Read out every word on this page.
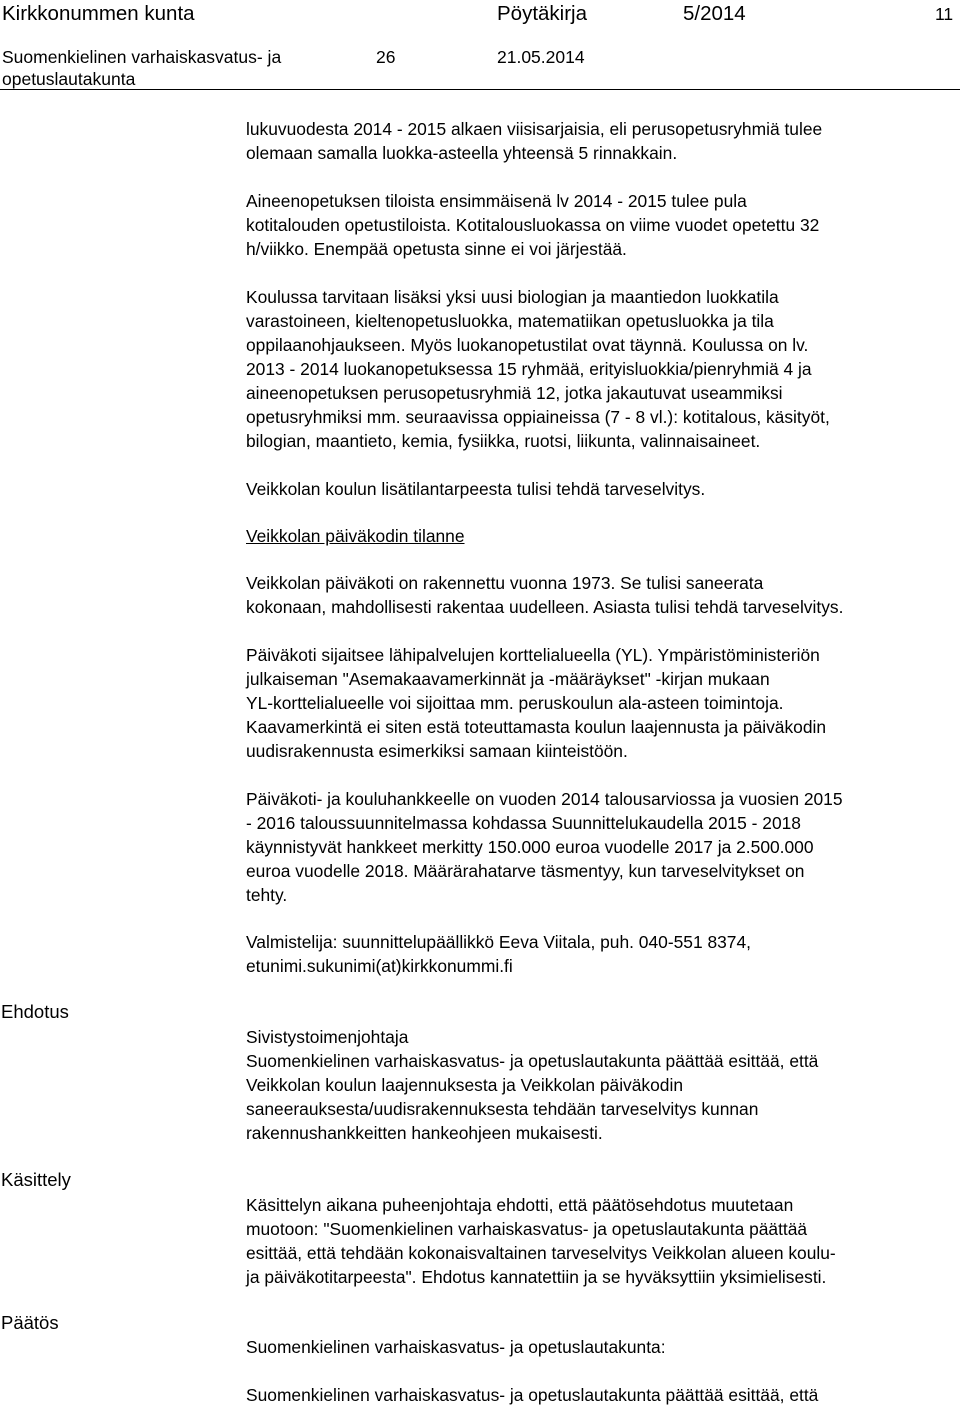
Kirkkonummen kunta	Pöytäkirja	5/2014	11
Suomenkielinen varhaiskasvatus- ja
opetuslautakunta
26	21.05.2014
lukuvuodesta 2014 - 2015 alkaen viisisarjaisia, eli perusopetusryhmiä tulee
olemaan samalla luokka-asteella yhteensä 5 rinnakkain.
Aineenopetuksen tiloista ensimmäisenä lv 2014 - 2015 tulee pula
kotitalouden opetustiloista. Kotitalousluokassa on viime vuodet opetettu 32
h/viikko. Enempää opetusta sinne ei voi järjestää.
Koulussa tarvitaan lisäksi yksi uusi biologian ja maantiedon luokkatila
varastoineen, kieltenopetusluokka, matematiikan opetusluokka ja tila
oppilaanohjaukseen. Myös luokanopetustilat ovat täynnä. Koulussa on lv.
2013 - 2014 luokanopetuksessa 15 ryhmää, erityisluokkia/pienryhmiä 4 ja
aineenopetuksen perusopetusryhmiä 12, jotka jakautuvat useammiksi
opetusryhmiksi mm. seuraavissa oppiaineissa (7 - 8 vl.): kotitalous, käsityöt,
bilogian, maantieto, kemia, fysiikka, ruotsi, liikunta, valinnaisaineet.
Veikkolan koulun lisätilantarpeesta tulisi tehdä tarveselvitys.
Veikkolan päiväkodin tilanne
Veikkolan päiväkoti on rakennettu vuonna 1973. Se tulisi saneerata
kokonaan, mahdollisesti rakentaa uudelleen. Asiasta tulisi tehdä tarveselvitys.
Päiväkoti sijaitsee lähipalvelujen korttelialueella (YL). Ympäristöministeriön
julkaiseman "Asemakaavamerkinnät ja -määräykset" -kirjan mukaan
YL-korttelialueelle voi sijoittaa mm. peruskoulun ala-asteen toimintoja.
Kaavamerkintä ei siten estä toteuttamasta koulun laajennusta ja päiväkodin
uudisrakennusta esimerkiksi samaan kiinteistöön.
Päiväkoti- ja kouluhankkeelle on vuoden 2014 talousarviossa ja vuosien 2015
- 2016 taloussuunnitelmassa kohdassa Suunnittelukaudella 2015 - 2018
käynnistyvät hankkeet merkitty 150.000 euroa vuodelle 2017 ja 2.500.000
euroa vuodelle 2018. Määrärahatarve täsmentyy, kun tarveselvitykset on
tehty.
Valmistelija: suunnittelupäällikkö Eeva Viitala, puh. 040-551 8374,
etunimi.sukunimi(at)kirkkonummi.fi
Ehdotus
Sivistystoimenjohtaja
Suomenkielinen varhaiskasvatus- ja opetuslautakunta päättää esittää, että
Veikkolan koulun laajennuksesta ja Veikkolan päiväkodin
saneerauksesta/uudisrakennuksesta tehdään tarveselvitys kunnan
rakennushankkeitten hankeohjeen mukaisesti.
Käsittely
Käsittelyn aikana puheenjohtaja ehdotti, että päätösehdotus muutetaan
muotoon: "Suomenkielinen varhaiskasvatus- ja opetuslautakunta päättää
esittää, että tehdään kokonaisvaltainen tarveselvitys Veikkolan alueen koulu-
ja päiväkotitarpeesta". Ehdotus kannatettiin ja se hyväksyttiin yksimielisesti.
Päätös
Suomenkielinen varhaiskasvatus- ja opetuslautakunta:
Suomenkielinen varhaiskasvatus- ja opetuslautakunta päättää esittää, että
